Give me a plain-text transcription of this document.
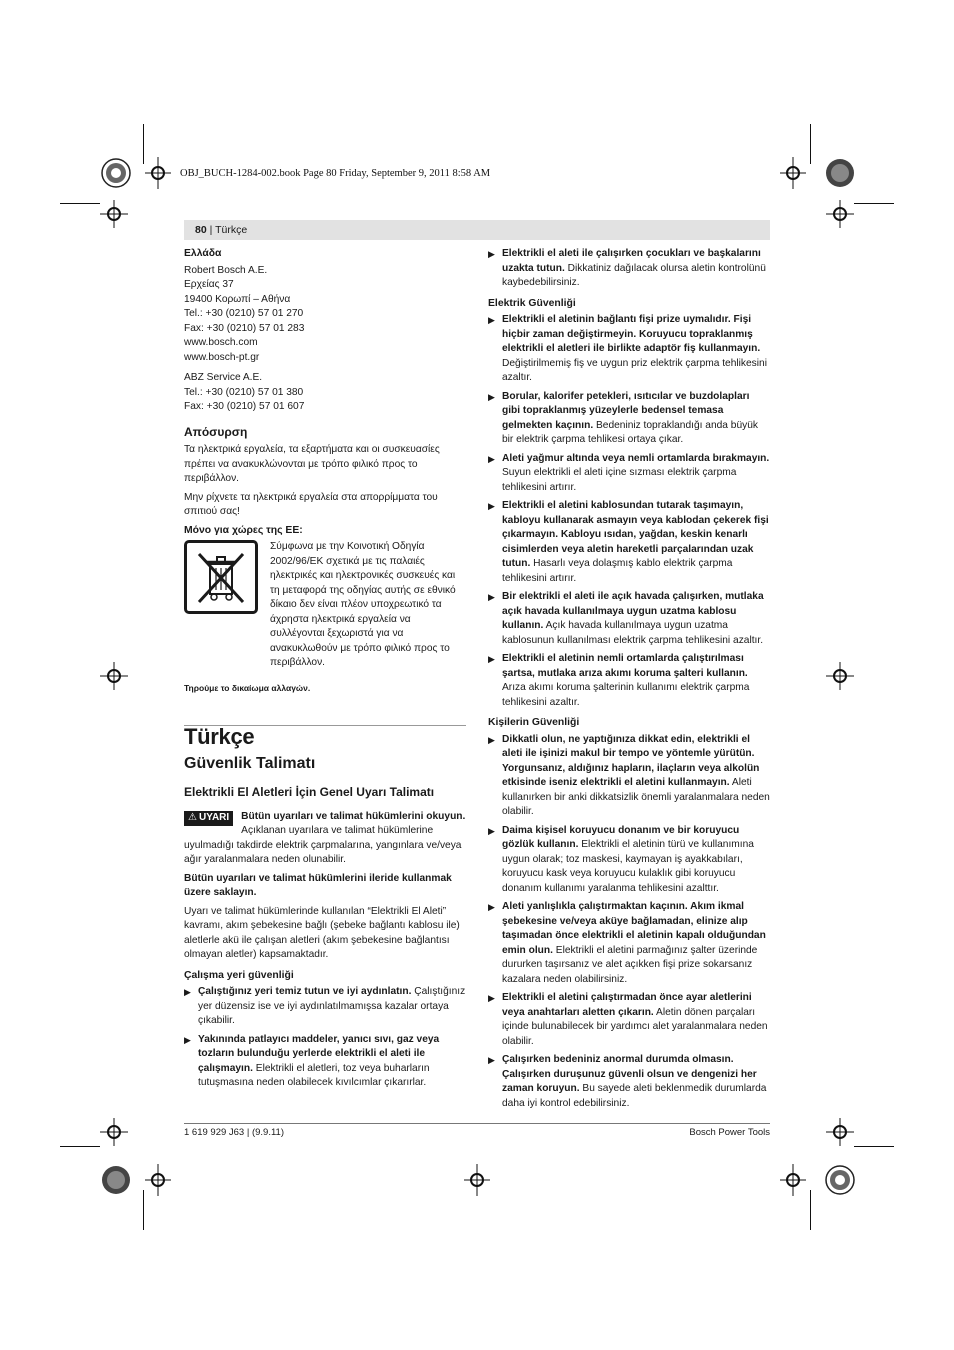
OBJ_BUCH-1284-002.book Page 80 Friday, September 9, 2011 8:58 AM
80 | Türkçe
Ελλάδα
Robert Bosch A.E.
Ερχείας 37
19400 Κορωπί – Αθήνα
Tel.: +30 (0210) 57 01 270
Fax: +30 (0210) 57 01 283
www.bosch.com
www.bosch-pt.gr
ABZ Service A.E.
Tel.: +30 (0210) 57 01 380
Fax: +30 (0210) 57 01 607
Απόσυρση

Τα ηλεκτρικά εργαλεία, τα εξαρτήματα και οι συσκευασίες πρέπει να ανακυκλώνονται με τρόπο φιλικό προς το περιβάλλον.

Μην ρίχνετε τα ηλεκτρικά εργαλεία στα απορρίμματα του σπιτιού σας!

Μόνο για χώρες της ΕΕ:
Σύμφωνα με την Κοινοτική Οδηγία 2002/96/ΕΚ σχετικά με τις παλαιές ηλεκτρικές και ηλεκτρονικές συσκευές και τη μεταφορά της οδηγίας αυτής σε εθνικό δίκαιο δεν είναι πλέον υποχρεωτικό τα άχρηστα ηλεκτρικά εργαλεία να συλλέγονται ξεχωριστά για να ανακυκλωθούν με τρόπο φιλικό προς το περιβάλλον.
Τηρούμε το δικαίωμα αλλαγών.
Türkçe
Güvenlik Talimatı
Elektrikli El Aletleri İçin Genel Uyarı Talimatı

⚠ UYARI Bütün uyarıları ve talimat hükümlerini okuyun. Açıklanan uyarılara ve talimat hükümlerine uyulmadığı takdirde elektrik çarpmalarına, yangınlara ve/veya ağır yaralanmalara neden olunabilir.

Bütün uyarıları ve talimat hükümlerini ileride kullanmak üzere saklayın.

Uyarı ve talimat hükümlerinde kullanılan “Elektrikli El Aleti” kavramı, akım şebekesine bağlı (şebeke bağlantı kablosu ile) aletlerle akü ile çalışan aletleri (akım şebekesine bağlantısı olmayan aletler) kapsamaktadır.

Çalışma yeri güvenliği
▶ Çalıştığınız yeri temiz tutun ve iyi aydınlatın. Çalıştığınız yer düzensiz ise ve iyi aydınlatılmamışsa kazalar ortaya çıkabilir.
▶ Yakınında patlayıcı maddeler, yanıcı sıvı, gaz veya tozların bulunduğu yerlerde elektrikli el aleti ile çalışmayın. Elektrikli el aletleri, toz veya buharların tutuşmasına neden olabilecek kıvılcımlar çıkarırlar.
▶ Elektrikli el aleti ile çalışırken çocukları ve başkalarını uzakta tutun. Dikkatiniz dağılacak olursa aletin kontrolünü kaybedebilirsiniz.
Elektrik Güvenliği
▶ Elektrikli el aletinin bağlantı fişi prize uymalıdır. Fişi hiçbir zaman değiştirmeyin. Koruyucu topraklanmış elektrikli el aletleri ile birlikte adaptör fiş kullanmayın. Değiştirilmemiş fiş ve uygun priz elektrik çarpma tehlikesini azaltır.
▶ Borular, kalorifer petekleri, ısıtıcılar ve buzdolapları gibi topraklanmış yüzeylerle bedensel temasa gelmekten kaçının. Bedeniniz topraklandığı anda büyük bir elektrik çarpma tehlikesi ortaya çıkar.
▶ Aleti yağmur altında veya nemli ortamlarda bırakmayın. Suyun elektrikli el aleti içine sızması elektrik çarpma tehlikesini artırır.
▶ Elektrikli el aletini kablosundan tutarak taşımayın, kabloyu kullanarak asmayın veya kablodan çekerek fişi çıkarmayın. Kabloyu ısıdan, yağdan, keskin kenarlı cisimlerden veya aletin hareketli parçalarından uzak tutun. Hasarlı veya dolaşmış kablo elektrik çarpma tehlikesini artırır.
▶ Bir elektrikli el aleti ile açık havada çalışırken, mutlaka açık havada kullanılmaya uygun uzatma kablosu kullanın. Açık havada kullanılmaya uygun uzatma kablosunun kullanılması elektrik çarpma tehlikesini azaltır.
▶ Elektrikli el aletinin nemli ortamlarda çalıştırılması şartsa, mutlaka arıza akımı koruma şalteri kullanın. Arıza akımı koruma şalterinin kullanımı elektrik çarpma tehlikesini azaltır.
Kişilerin Güvenliği
▶ Dikkatli olun, ne yaptığınıza dikkat edin, elektrikli el aleti ile işinizi makul bir tempo ve yöntemle yürütün. Yorgunsanız, aldığınız hapların, ilaçların veya alkolün etkisinde iseniz elektrikli el aletini kullanmayın. Aleti kullanırken bir anki dikkatsizlik önemli yaralanmalara neden olabilir.
▶ Daima kişisel koruyucu donanım ve bir koruyucu gözlük kullanın. Elektrikli el aletinin türü ve kullanımına uygun olarak; toz maskesi, kaymayan iş ayakkabıları, koruyucu kask veya koruyucu kulaklık gibi koruyucu donanım kullanımı yaralanma tehlikesini azalttır.
▶ Aleti yanlışlıkla çalıştırmaktan kaçının. Akım ikmal şebekesine ve/veya aküye bağlamadan, elinize alıp taşımadan önce elektrikli el aletinin kapalı olduğundan emin olun. Elektrikli el aletini parmağınız şalter üzerinde dururken taşırsanız ve alet açıkken fişi prize sokarsanız kazalara neden olabilirsiniz.
▶ Elektrikli el aletini çalıştırmadan önce ayar aletlerini veya anahtarları aletten çıkarın. Aletin dönen parçaları içinde bulunabilecek bir yardımcı alet yaralanmalara neden olabilir.
▶ Çalışırken bedeniniz anormal durumda olmasın. Çalışırken duruşunuz güvenli olsun ve dengenizi her zaman koruyun. Bu sayede aleti beklenmedik durumlarda daha iyi kontrol edebilirsiniz.
1 619 929 J63 | (9.9.11)	Bosch Power Tools
